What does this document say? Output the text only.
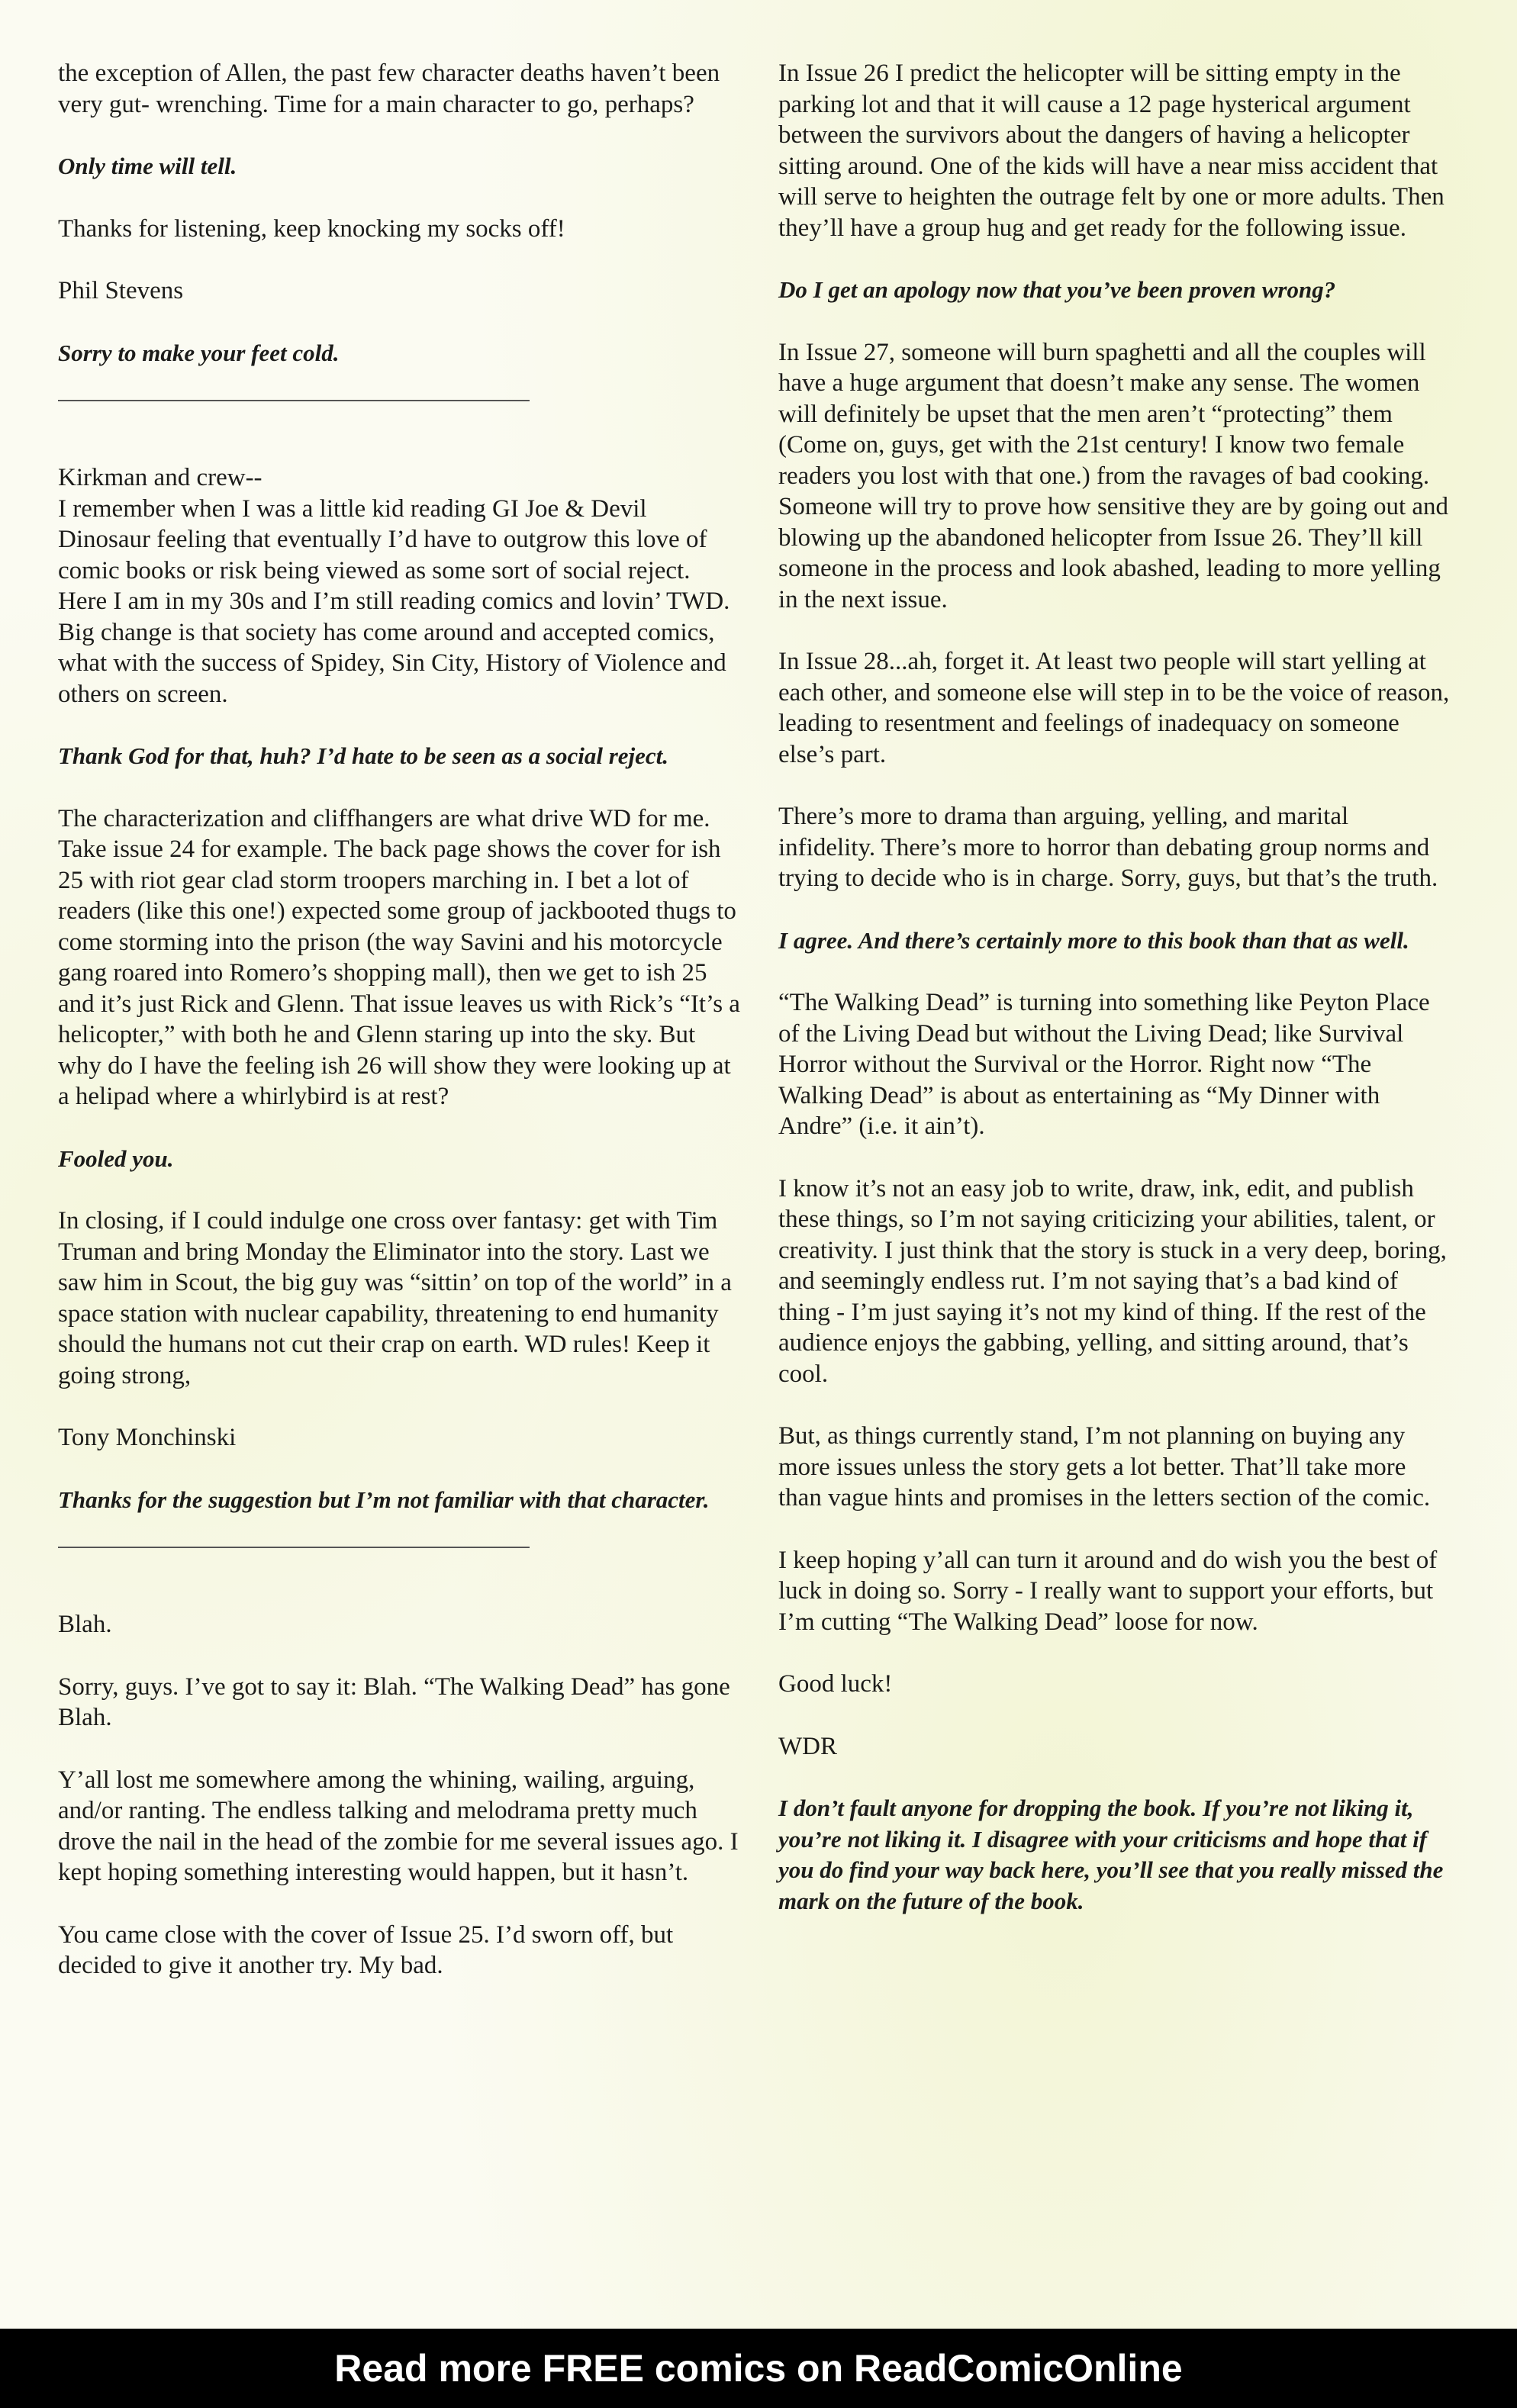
the exception of Allen, the past few character deaths haven’t been very gut- wrenching. Time for a main character to go, perhaps?

Only time will tell.

Thanks for listening, keep knocking my socks off!

Phil Stevens

Sorry to make your feet cold.

Kirkman and crew--

I remember when I was a little kid reading GI Joe & Devil Dinosaur feeling that eventually I’d have to outgrow this love of comic books or risk being viewed as some sort of social reject. Here I am in my 30s and I’m still reading comics and lovin’ TWD. Big change is that society has come around and accepted comics, what with the success of Spidey, Sin City, History of Violence and others on screen.

Thank God for that, huh? I’d hate to be seen as a social reject.

The characterization and cliffhangers are what drive WD for me. Take issue 24 for example. The back page shows the cover for ish 25 with riot gear clad storm troopers marching in. I bet a lot of readers (like this one!) expected some group of jackbooted thugs to come storming into the prison (the way Savini and his motorcycle gang roared into Romero’s shopping mall), then we get to ish 25 and it’s just Rick and Glenn. That issue leaves us with Rick’s “It’s a helicopter,” with both he and Glenn staring up into the sky. But why do I have the feeling ish 26 will show they were looking up at a helipad where a whirlybird is at rest?

Fooled you.

In closing, if I could indulge one cross over fantasy: get with Tim Truman and bring Monday the Eliminator into the story. Last we saw him in Scout, the big guy was “sittin’ on top of the world” in a space station with nuclear capability, threatening to end humanity should the humans not cut their crap on earth. WD rules! Keep it going strong,

Tony Monchinski

Thanks for the suggestion but I’m not familiar with that character.

Blah.

Sorry, guys. I’ve got to say it: Blah. “The Walking Dead” has gone Blah.

Y’all lost me somewhere among the whining, wailing, arguing, and/or ranting. The endless talking and melodrama pretty much drove the nail in the head of the zombie for me several issues ago. I kept hoping something interesting would happen, but it hasn’t.

You came close with the cover of Issue 25. I’d sworn off, but decided to give it another try. My bad.

In Issue 26 I predict the helicopter will be sitting empty in the parking lot and that it will cause a 12 page hysterical argument between the survivors about the dangers of having a helicopter sitting around. One of the kids will have a near miss accident that will serve to heighten the outrage felt by one or more adults. Then they’ll have a group hug and get ready for the following issue.

Do I get an apology now that you’ve been proven wrong?

In Issue 27, someone will burn spaghetti and all the couples will have a huge argument that doesn’t make any sense. The women will definitely be upset that the men aren’t “protecting” them (Come on, guys, get with the 21st century! I know two female readers you lost with that one.) from the ravages of bad cooking. Someone will try to prove how sensitive they are by going out and blowing up the abandoned helicopter from Issue 26. They’ll kill someone in the process and look abashed, leading to more yelling in the next issue.

In Issue 28...ah, forget it. At least two people will start yelling at each other, and someone else will step in to be the voice of reason, leading to resentment and feelings of inadequacy on someone else’s part.

There’s more to drama than arguing, yelling, and marital infidelity. There’s more to horror than debating group norms and trying to decide who is in charge. Sorry, guys, but that’s the truth.

I agree. And there’s certainly more to this book than that as well.

“The Walking Dead” is turning into something like Peyton Place of the Living Dead but without the Living Dead; like Survival Horror without the Survival or the Horror. Right now “The Walking Dead” is about as entertaining as “My Dinner with Andre” (i.e. it ain’t).

I know it’s not an easy job to write, draw, ink, edit, and publish these things, so I’m not saying criticizing your abilities, talent, or creativity. I just think that the story is stuck in a very deep, boring, and seemingly endless rut. I’m not saying that’s a bad kind of thing - I’m just saying it’s not my kind of thing. If the rest of the audience enjoys the gabbing, yelling, and sitting around, that’s cool.

But, as things currently stand, I’m not planning on buying any more issues unless the story gets a lot better. That’ll take more than vague hints and promises in the letters section of the comic.

I keep hoping y’all can turn it around and do wish you the best of luck in doing so. Sorry - I really want to support your efforts, but I’m cutting “The Walking Dead” loose for now.

Good luck!

WDR

I don’t fault anyone for dropping the book. If you’re not liking it, you’re not liking it. I disagree with your criticisms and hope that if you do find your way back here, you’ll see that you really missed the mark on the future of the book.

Read more FREE comics on ReadComicOnline
